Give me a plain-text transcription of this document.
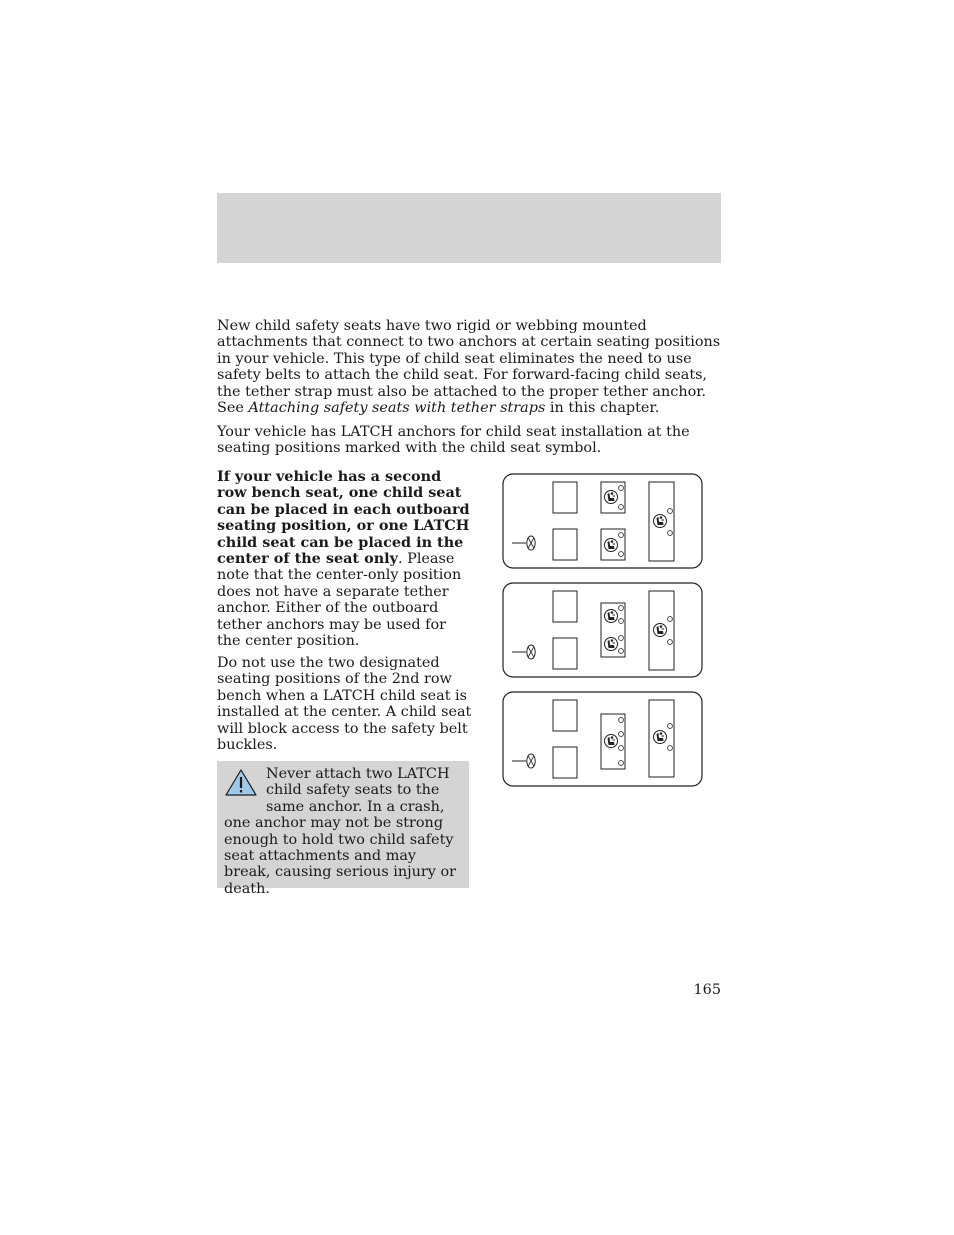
New child safety seats have two rigid or webbing mounted attachments that connect to two anchors at certain seating positions in your vehicle. This type of child seat eliminates the need to use safety belts to attach the child seat. For forward-facing child seats, the tether strap must also be attached to the proper tether anchor. See Attaching safety seats with tether straps in this chapter.

Your vehicle has LATCH anchors for child seat installation at the seating positions marked with the child seat symbol.

If your vehicle has a second row bench seat, one child seat can be placed in each outboard seating position, or one LATCH child seat can be placed in the center of the seat only. Please note that the center-only position does not have a separate tether anchor. Either of the outboard tether anchors may be used for the center position.

Do not use the two designated seating positions of the 2nd row bench when a LATCH child seat is installed at the center. A child seat will block access to the safety belt buckles.

Never attach two LATCH child safety seats to the same anchor. In a crash, one anchor may not be strong enough to hold two child safety seat attachments and may break, causing serious injury or death.

165
